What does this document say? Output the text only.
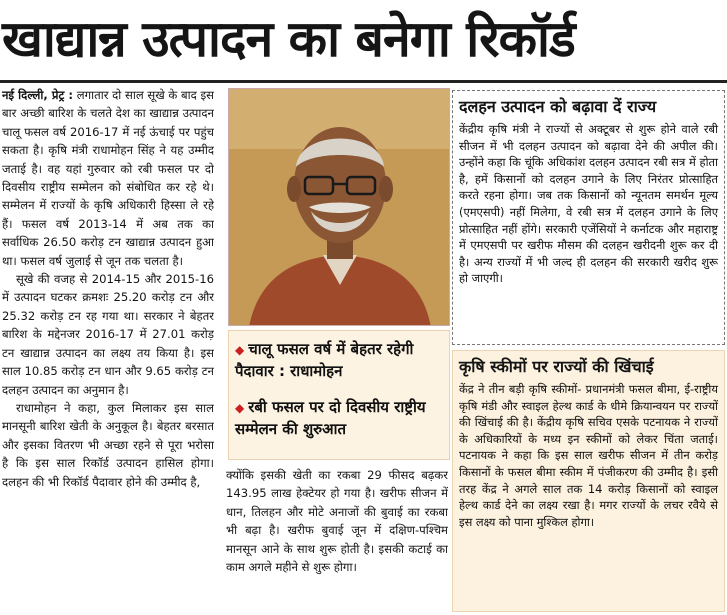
खाद्यान्न उत्पादन का बनेगा रिकॉर्ड

नई दिल्ली, प्रेट्र : लगातार दो साल सूखे के बाद इस बार अच्छी बारिश के चलते देश का खाद्यान्न उत्पादन चालू फसल वर्ष 2016-17 में नई ऊंचाई पर पहुंच सकता है। कृषि मंत्री राधामोहन सिंह ने यह उम्मीद जताई है। वह यहां गुरुवार को रबी फसल पर दो दिवसीय राष्ट्रीय सम्मेलन को संबोधित कर रहे थे। सम्मेलन में राज्यों के कृषि अधिकारी हिस्सा ले रहे हैं। फसल वर्ष 2013-14 में अब तक का सर्वाधिक 26.50 करोड़ टन खाद्यान्न उत्पादन हुआ था। फसल वर्ष जुलाई से जून तक चलता है।

सूखे की वजह से 2014-15 और 2015-16 में उत्पादन घटकर क्रमशः 25.20 करोड़ टन और 25.32 करोड़ टन रह गया था। सरकार ने बेहतर बारिश के मद्देनजर 2016-17 में 27.01 करोड़ टन खाद्यान्न उत्पादन का लक्ष्य तय किया है। इस साल 10.85 करोड़ टन धान और 9.65 करोड़ टन दलहन उत्पादन का अनुमान है।

राधामोहन ने कहा, कुल मिलाकर इस साल मानसूनी बारिश खेती के अनुकूल है। बेहतर बरसात और इसका वितरण भी अच्छा रहने से पूरा भरोसा है कि इस साल रिकॉर्ड उत्पादन हासिल होगा। दलहन की भी रिकॉर्ड पैदावार होने की उम्मीद है,

◆ चालू फसल वर्ष में बेहतर रहेगी पैदावार : राधामोहन
◆ रबी फसल पर दो दिवसीय राष्ट्रीय सम्मेलन की शुरुआत

क्योंकि इसकी खेती का रकबा 29 फीसद बढ़कर 143.95 लाख हेक्टेयर हो गया है। खरीफ सीजन में धान, तिलहन और मोटे अनाजों की बुवाई का रकबा भी बढ़ा है। खरीफ बुवाई जून में दक्षिण-पश्चिम मानसून आने के साथ शुरू होती है। इसकी कटाई का काम अगले महीने से शुरू होगा।

दलहन उत्पादन को बढ़ावा दें राज्य
केंद्रीय कृषि मंत्री ने राज्यों से अक्टूबर से शुरू होने वाले रबी सीजन में भी दलहन उत्पादन को बढ़ावा देने की अपील की। उन्होंने कहा कि चूंकि अधिकांश दलहन उत्पादन रबी सत्र में होता है, हमें किसानों को दलहन उगाने के लिए निरंतर प्रोत्साहित करते रहना होगा। जब तक किसानों को न्यूनतम समर्थन मूल्य (एमएसपी) नहीं मिलेगा, वे रबी सत्र में दलहन उगाने के लिए प्रोत्साहित नहीं होंगे। सरकारी एजेंसियों ने कर्नाटक और महाराष्ट्र में एमएसपी पर खरीफ मौसम की दलहन खरीदनी शुरू कर दी है। अन्य राज्यों में भी जल्द ही दलहन की सरकारी खरीद शुरू हो जाएगी।
कृषि स्कीमों पर राज्यों की खिंचाई
केंद्र ने तीन बड़ी कृषि स्कीमों- प्रधानमंत्री फसल बीमा, ई-राष्ट्रीय कृषि मंडी और स्वाइल हेल्थ कार्ड के धीमे क्रियान्वयन पर राज्यों की खिंचाई की है। केंद्रीय कृषि सचिव एसके पटनायक ने राज्यों के अधिकारियों के मध्य इन स्कीमों को लेकर चिंता जताई। पटनायक ने कहा कि इस साल खरीफ सीजन में तीन करोड़ किसानों के फसल बीमा स्कीम में पंजीकरण की उम्मीद है। इसी तरह केंद्र ने अगले साल तक 14 करोड़ किसानों को स्वाइल हेल्थ कार्ड देने का लक्ष्य रखा है। मगर राज्यों के लचर रवैये से इस लक्ष्य को पाना मुश्किल होगा।
